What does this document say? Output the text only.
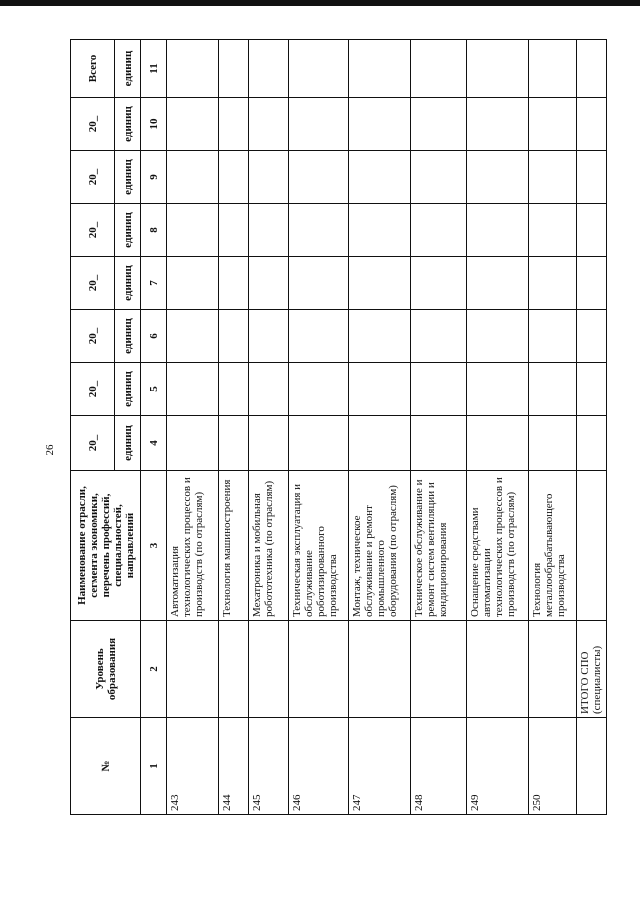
26
№	Уровень образования	Наименование отрасли, сегмента экономики, перечень профессий, специальностей, направлений	20_	20_	20_	20_	20_	20_	20_	Всего
			единиц	единиц	единиц	единиц	единиц	единиц	единиц	единиц
1	2	3	4	5	6	7	8	9	10	11
243		Автоматизация технологических процессов и производств (по отраслям)								
244		Технология машиностроения								
245		Мехатроника и мобильная робототехника (по отраслям)								
246		Техническая эксплуатация и обслуживание роботизированного производства								
247		Монтаж, техническое обслуживание и ремонт промышленного оборудования (по отраслям)								
248		Техническое обслуживание и ремонт систем вентиляции и кондиционирования								
249		Оснащение средствами автоматизации технологических процессов и производств (по отраслям)								
250		Технология металлообрабатывающего производства								
	ИТОГО СПО (специалисты)									
